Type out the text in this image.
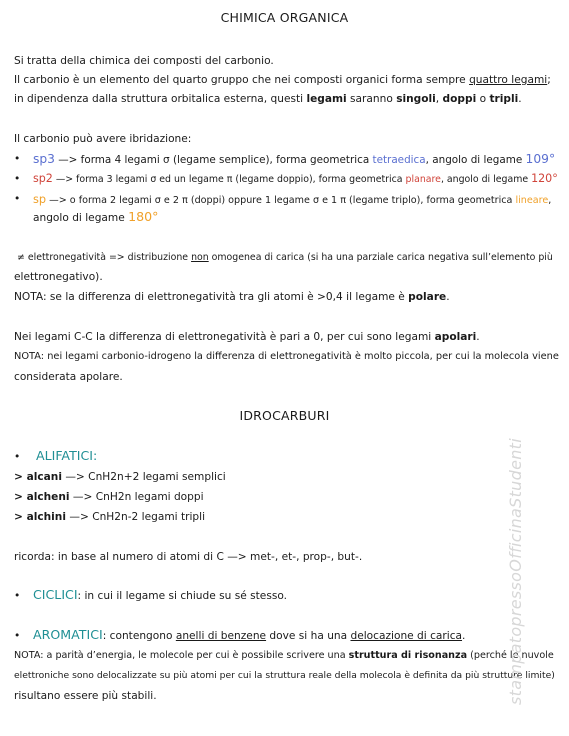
CHIMICA ORGANICA
Si tratta della chimica dei composti del carbonio.
Il carbonio è un elemento del quarto gruppo che nei composti organici forma sempre quattro legami;
in dipendenza dalla struttura orbitalica esterna, questi legami saranno singoli, doppi o tripli.
Il carbonio può avere ibridazione:
• sp3 —> forma 4 legami σ (legame semplice), forma geometrica tetraedica, angolo di legame 109°
• sp2 —> forma 3 legami σ ed un legame π (legame doppio), forma geometrica planare, angolo di legame 120°
• sp —> o forma 2 legami σ e 2 π (doppi) oppure 1 legame σ e 1 π (legame triplo), forma geometrica lineare,
angolo di legame 180°
≠ elettronegatività => distribuzione non omogenea di carica (si ha una parziale carica negativa sull’elemento più
elettronegativo).
NOTA: se la differenza di elettronegatività tra gli atomi è >0,4 il legame è polare.
Nei legami C-C la differenza di elettronegatività è pari a 0, per cui sono legami apolari.
NOTA: nei legami carbonio-idrogeno la differenza di elettronegatività è molto piccola, per cui la molecola viene
considerata apolare.
IDROCARBURI
• ALIFATICI:
> alcani —> CnH2n+2 legami semplici
> alcheni —> CnH2n legami doppi
> alchini —> CnH2n-2 legami tripli
ricorda: in base al numero di atomi di C —> met-, et-, prop-, but-.
• CICLICI: in cui il legame si chiude su sé stesso.
• AROMATICI: contengono anelli di benzene dove si ha una delocazione di carica.
NOTA: a parità d’energia, le molecole per cui è possibile scrivere una struttura di risonanza (perché le nuvole
elettroniche sono delocalizzate su più atomi per cui la struttura reale della molecola è definita da più strutture limite)
risultano essere più stabili.	stampatopressoOfficinaStudenti
